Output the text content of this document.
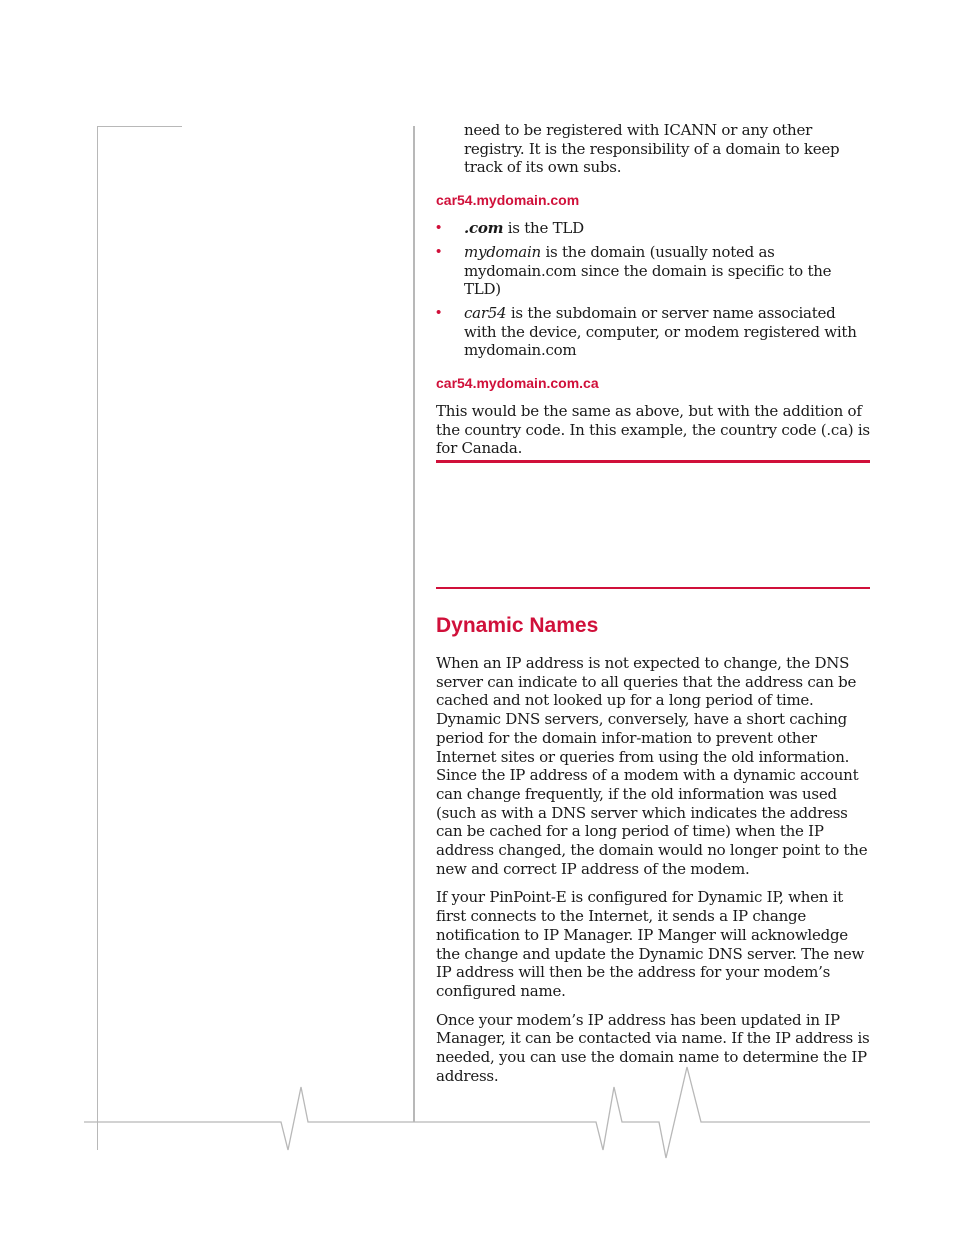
need to be registered with ICANN or any other registry. It is the responsibility of a domain to keep track of its own subs.

car54.mydomain.com
• .com is the TLD
• mydomain is the domain (usually noted as mydomain.com since the domain is specific to the TLD)
• car54 is the subdomain or server name associated with the device, computer, or modem registered with mydomain.com
car54.mydomain.com.ca

This would be the same as above, but with the addition of the country code. In this example, the country code (.ca) is for Canada.

Dynamic Names

When an IP address is not expected to change, the DNS server can indicate to all queries that the address can be cached and not looked up for a long period of time. Dynamic DNS servers, conversely, have a short caching period for the domain infor-mation to prevent other Internet sites or queries from using the old information. Since the IP address of a modem with a dynamic account can change frequently, if the old information was used (such as with a DNS server which indicates the address can be cached for a long period of time) when the IP address changed, the domain would no longer point to the new and correct IP address of the modem.

If your PinPoint-E is configured for Dynamic IP, when it first connects to the Internet, it sends a IP change notification to IP Manager. IP Manger will acknowledge the change and update the Dynamic DNS server. The new IP address will then be the address for your modem’s configured name.

Once your modem’s IP address has been updated in IP Manager, it can be contacted via name. If the IP address is needed, you can use the domain name to determine the IP address.
